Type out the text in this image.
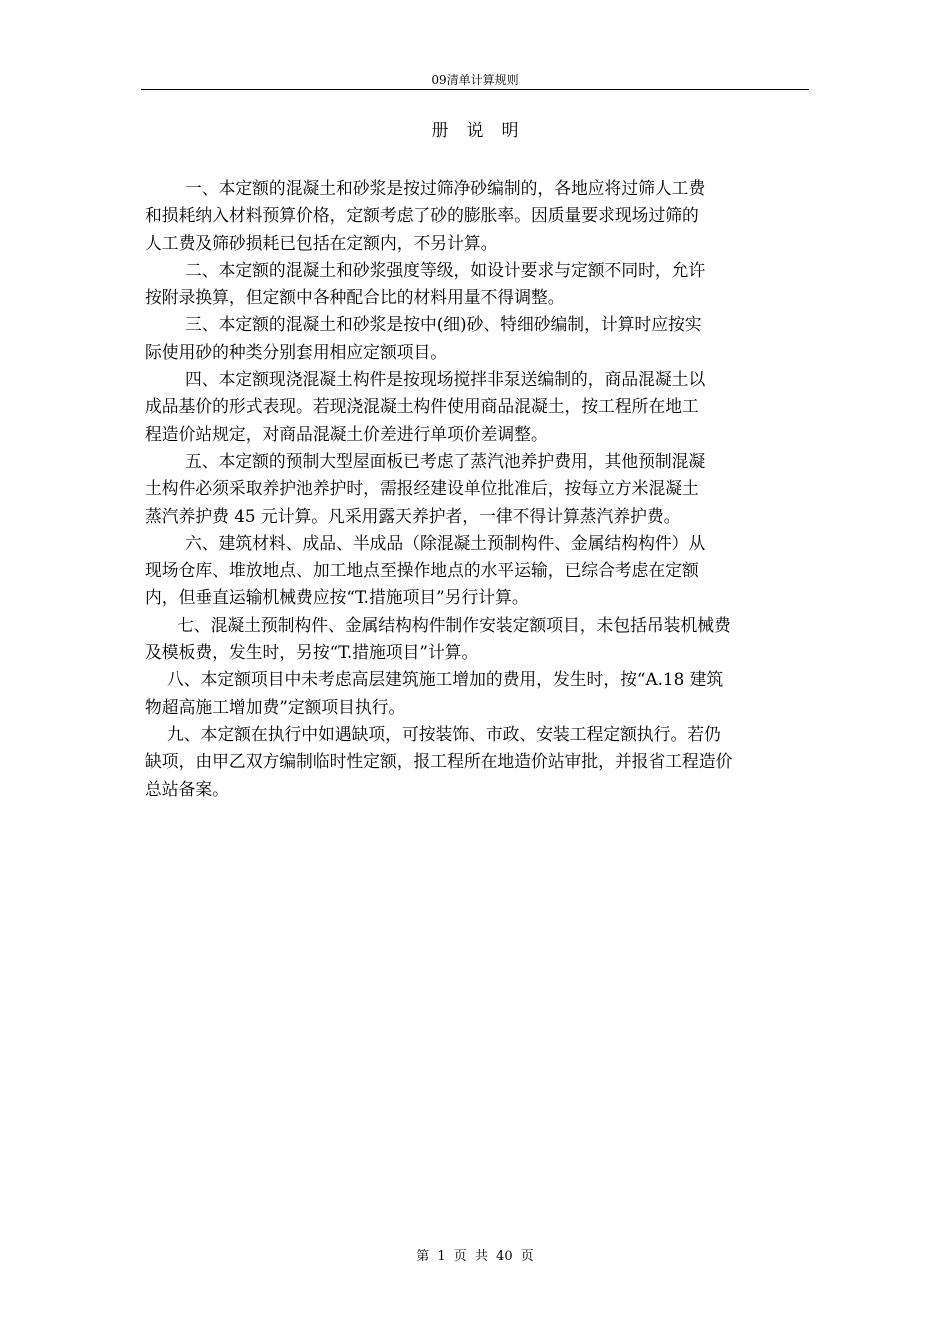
09清单计算规则
册说明

一、本定额的混凝土和砂浆是按过筛净砂编制的，各地应将过筛人工费
和损耗纳入材料预算价格，定额考虑了砂的膨胀率。因质量要求现场过筛的
人工费及筛砂损耗已包括在定额内，不另计算。

二、本定额的混凝土和砂浆强度等级，如设计要求与定额不同时，允许
按附录换算，但定额中各种配合比的材料用量不得调整。

三、本定额的混凝土和砂浆是按中(细)砂、特细砂编制，计算时应按实
际使用砂的种类分别套用相应定额项目。

四、本定额现浇混凝土构件是按现场搅拌非泵送编制的，商品混凝土以
成品基价的形式表现。若现浇混凝土构件使用商品混凝土，按工程所在地工
程造价站规定，对商品混凝土价差进行单项价差调整。

五、本定额的预制大型屋面板已考虑了蒸汽池养护费用，其他预制混凝
土构件必须采取养护池养护时，需报经建设单位批准后，按每立方米混凝土
蒸汽养护费 45 元计算。凡采用露天养护者，一律不得计算蒸汽养护费。

六、建筑材料、成品、半成品（除混凝土预制构件、金属结构构件）从
现场仓库、堆放地点、加工地点至操作地点的水平运输，已综合考虑在定额
内，但垂直运输机械费应按“T.措施项目”另行计算。

七、混凝土预制构件、金属结构构件制作安装定额项目，未包括吊装机械费
及模板费，发生时，另按“T.措施项目”计算。

八、本定额项目中未考虑高层建筑施工增加的费用，发生时，按“A.18 建筑
物超高施工增加费”定额项目执行。

九、本定额在执行中如遇缺项，可按装饰、市政、安装工程定额执行。若仍
缺项，由甲乙双方编制临时性定额，报工程所在地造价站审批，并报省工程造价
总站备案。

第 1 页 共 40 页
